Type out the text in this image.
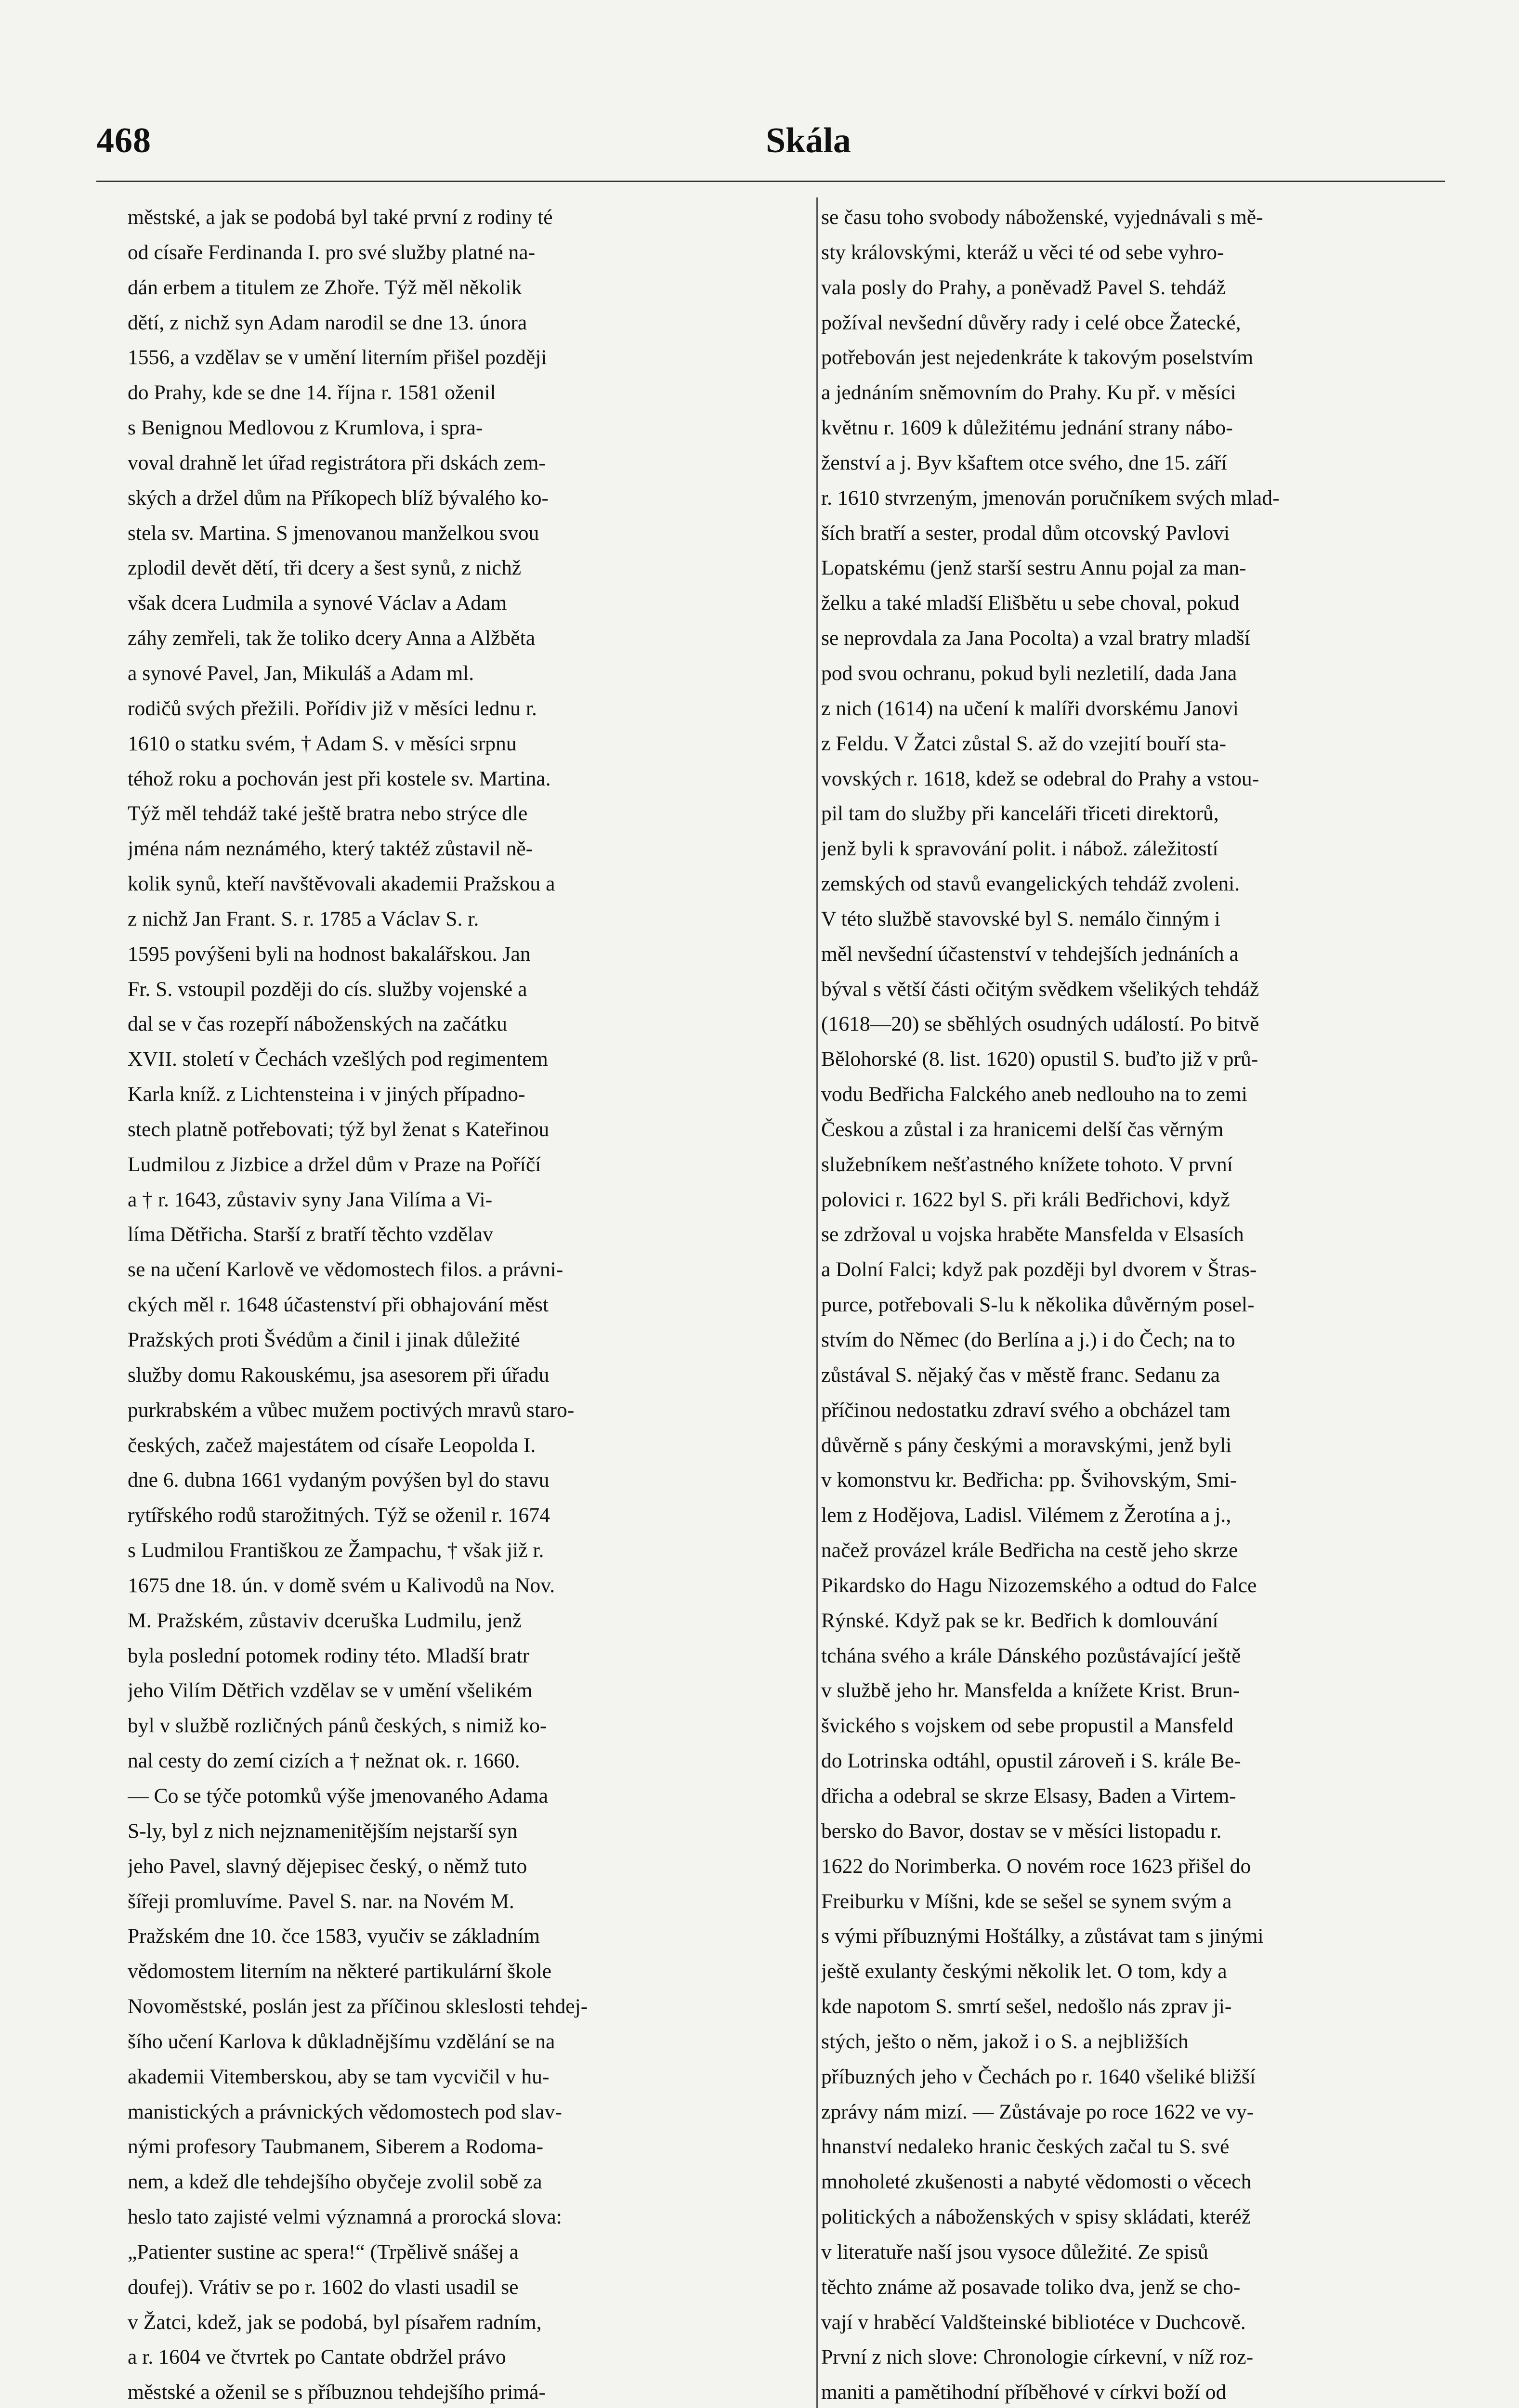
468	Skála
městské, a jak se podobá byl také první z rodiny té
od císaře Ferdinanda I. pro své služby platné na-
dán erbem a titulem ze Zhoře. Týž měl několik
dětí, z nichž syn Adam narodil se dne 13. února
1556, a vzdělav se v umění literním přišel později
do Prahy, kde se dne 14. října r. 1581 oženil
s Benignou Medlovou z Krumlova, i spra-
voval drahně let úřad registrátora při dskách zem-
ských a držel dům na Příkopech blíž bývalého ko-
stela sv. Martina. S jmenovanou manželkou svou
zplodil devět dětí, tři dcery a šest synů, z nichž
však dcera Ludmila a synové Václav a Adam
záhy zemřeli, tak že toliko dcery Anna a Alžběta
a synové Pavel, Jan, Mikuláš a Adam ml.
rodičů svých přežili. Pořídiv již v měsíci lednu r.
1610 o statku svém, † Adam S. v měsíci srpnu
téhož roku a pochován jest při kostele sv. Martina.
Týž měl tehdáž také ještě bratra nebo strýce dle
jména nám neznámého, který taktéž zůstavil ně-
kolik synů, kteří navštěvovali akademii Pražskou a
z nichž Jan Frant. S. r. 1785 a Václav S. r.
1595 povýšeni byli na hodnost bakalářskou. Jan
Fr. S. vstoupil později do cís. služby vojenské a
dal se v čas rozepří náboženských na začátku
XVII. století v Čechách vzešlých pod regimentem
Karla kníž. z Lichtensteina i v jiných případno-
stech platně potřebovati; týž byl ženat s Kateřinou
Ludmilou z Jizbice a držel dům v Praze na Poříčí
a † r. 1643, zůstaviv syny Jana Vilíma a Vi-
líma Dětřicha. Starší z bratří těchto vzdělav
se na učení Karlově ve vědomostech filos. a právni-
ckých měl r. 1648 účastenství při obhajování měst
Pražských proti Švédům a činil i jinak důležité
služby domu Rakouskému, jsa asesorem při úřadu
purkrabském a vůbec mužem poctivých mravů staro-
českých, začež majestátem od císaře Leopolda I.
dne 6. dubna 1661 vydaným povýšen byl do stavu
rytířského rodů starožitných. Týž se oženil r. 1674
s Ludmilou Františkou ze Žampachu, † však již r.
1675 dne 18. ún. v domě svém u Kalivodů na Nov.
M. Pražském, zůstaviv dceruška Ludmilu, jenž
byla poslední potomek rodiny této. Mladší bratr
jeho Vilím Dětřich vzdělav se v umění všelikém
byl v službě rozličných pánů českých, s nimiž ko-
nal cesty do zemí cizích a † nežnat ok. r. 1660.
— Co se týče potomků výše jmenovaného Adama
S-ly, byl z nich nejznamenitějším nejstarší syn
jeho Pavel, slavný dějepisec český, o němž tuto
šířeji promluvíme. Pavel S. nar. na Novém M.
Pražském dne 10. čce 1583, vyučiv se základním
vědomostem literním na některé partikulární škole
Novoměstské, poslán jest za příčinou skleslosti tehdej-
šího učení Karlova k důkladnějšímu vzdělání se na
akademii Vitemberskou, aby se tam vycvičil v hu-
manistických a právnických vědomostech pod slav-
nými profesory Taubmanem, Siberem a Rodoma-
nem, a kdež dle tehdejšího obyčeje zvolil sobě za
heslo tato zajisté velmi významná a prorocká slova:
„Patienter sustine ac spera!“ (Trpělivě snášej a
doufej). Vrátiv se po r. 1602 do vlasti usadil se
v Žatci, kdež, jak se podobá, byl písařem radním,
a r. 1604 ve čtvrtek po Cantate obdržel právo
městské a oženil se s příbuznou tehdejšího primá-
se času toho svobody náboženské, vyjednávali s mě-
sty královskými, kteráž u věci té od sebe vyhro-
vala posly do Prahy, a poněvadž Pavel S. tehdáž
požíval nevšední důvěry rady i celé obce Žatecké,
potřebován jest nejedenkráte k takovým poselstvím
a jednáním sněmovním do Prahy. Ku př. v měsíci
květnu r. 1609 k důležitému jednání strany nábo-
ženství a j. Byv kšaftem otce svého, dne 15. září
r. 1610 stvrzeným, jmenován poručníkem svých mlad-
ších bratří a sester, prodal dům otcovský Pavlovi
Lopatskému (jenž starší sestru Annu pojal za man-
želku a také mladší Elišbětu u sebe choval, pokud
se neprovdala za Jana Pocolta) a vzal bratry mladší
pod svou ochranu, pokud byli nezletilí, dada Jana
z nich (1614) na učení k malíři dvorskému Janovi
z Feldu. V Žatci zůstal S. až do vzejití bouří sta-
vovských r. 1618, kdež se odebral do Prahy a vstou-
pil tam do služby při kanceláři třiceti direktorů,
jenž byli k spravování polit. i nábož. záležitostí
zemských od stavů evangelických tehdáž zvoleni.
V této službě stavovské byl S. nemálo činným i
měl nevšední účastenství v tehdejších jednáních a
býval s větší části očitým svědkem všelikých tehdáž
(1618—20) se sběhlých osudných událostí. Po bitvě
Bělohorské (8. list. 1620) opustil S. buďto již v prů-
vodu Bedřicha Falckého aneb nedlouho na to zemi
Českou a zůstal i za hranicemi delší čas věrným
služebníkem nešťastného knížete tohoto. V první
polovici r. 1622 byl S. při králi Bedřichovi, když
se zdržoval u vojska hraběte Mansfelda v Elsasích
a Dolní Falci; když pak později byl dvorem v Štras-
purce, potřebovali S-lu k několika důvěrným posel-
stvím do Němec (do Berlína a j.) i do Čech; na to
zůstával S. nějaký čas v městě franc. Sedanu za
příčinou nedostatku zdraví svého a obcházel tam
důvěrně s pány českými a moravskými, jenž byli
v komonstvu kr. Bedřicha: pp. Švihovským, Smi-
lem z Hodějova, Ladisl. Vilémem z Žerotína a j.,
načež provázel krále Bedřicha na cestě jeho skrze
Pikardsko do Hagu Nizozemského a odtud do Falce
Rýnské. Když pak se kr. Bedřich k domlouvání
tchána svého a krále Dánského pozůstávající ještě
v službě jeho hr. Mansfelda a knížete Krist. Brun-
švického s vojskem od sebe propustil a Mansfeld
do Lotrinska odtáhl, opustil zároveň i S. krále Be-
dřicha a odebral se skrze Elsasy, Baden a Virtem-
bersko do Bavor, dostav se v měsíci listopadu r.
1622 do Norimberka. O novém roce 1623 přišel do
Freiburku v Míšni, kde se sešel se synem svým a
s vými příbuznými Hoštálky, a zůstávat tam s jinými
ještě exulanty českými několik let. O tom, kdy a
kde napotom S. smrtí sešel, nedošlo nás zprav ji-
stých, ješto o něm, jakož i o S. a nejbližších
příbuzných jeho v Čechách po r. 1640 všeliké bližší
zprávy nám mizí. — Zůstávaje po roce 1622 ve vy-
hnanství nedaleko hranic českých začal tu S. své
mnoholeté zkušenosti a nabyté vědomosti o věcech
politických a náboženských v spisy skládati, kteréž
v literatuře naší jsou vysoce důležité. Ze spisů
těchto známe až posavade toliko dva, jenž se cho-
vají v hraběcí Valdšteinské bibliotéce v Duchcově.
První z nich slove: Chronologie církevní, v níž roz-
maniti a pamětihodní příběhové v církvi boží od
